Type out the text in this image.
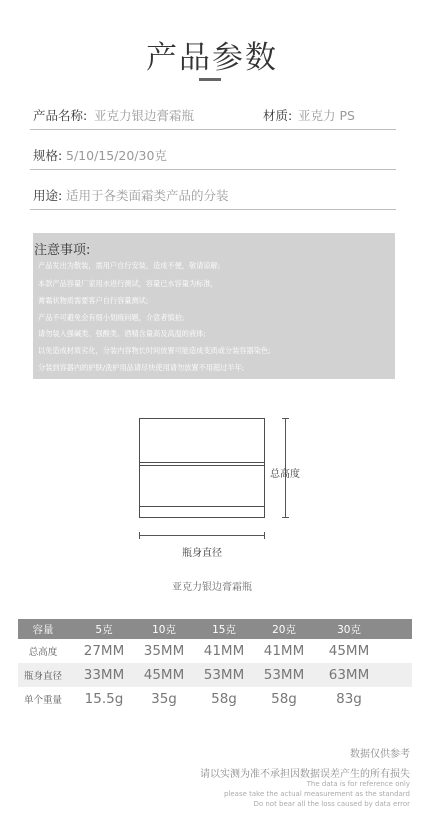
产品参数
产品名称: 亚克力银边膏霜瓶	材质: 亚克力 PS
规格: 5/10/15/20/30克
用途: 适用于各类面霜类产品的分装
注意事项:
• 产品发出为散装，需用户自行安装，造成不便，敬请谅解;
• 本款产品容量厂家用水进行测试，容量已水容量为标准，
• 膏霜状物质需要客户自行容量测试;
• 产品不可避免会有细小划痕问题，介意者慎拍;
• 请勿装入强碱类、强酸类、酒精含量高及高温的液体;
• 以免造成材质劣化，分装内容物长时间放置可能造成变质或分装容器染色;
• 分装到容器内的护肤/洗护用品请尽快使用请勿放置不用超过半年;
总高度
瓶身直径
亚克力银边膏霜瓶
容量	5克	10克	15克	20克	30克
总高度	27MM	35MM	41MM	41MM	45MM
瓶身直径	33MM	45MM	53MM	53MM	63MM
单个重量	15.5g	35g	58g	58g	83g
数据仅供参考
请以实测为准不承担因数据误差产生的所有损失
The data is for reference only
please take the actual measurement as the standard
Do not bear all the loss caused by data error
